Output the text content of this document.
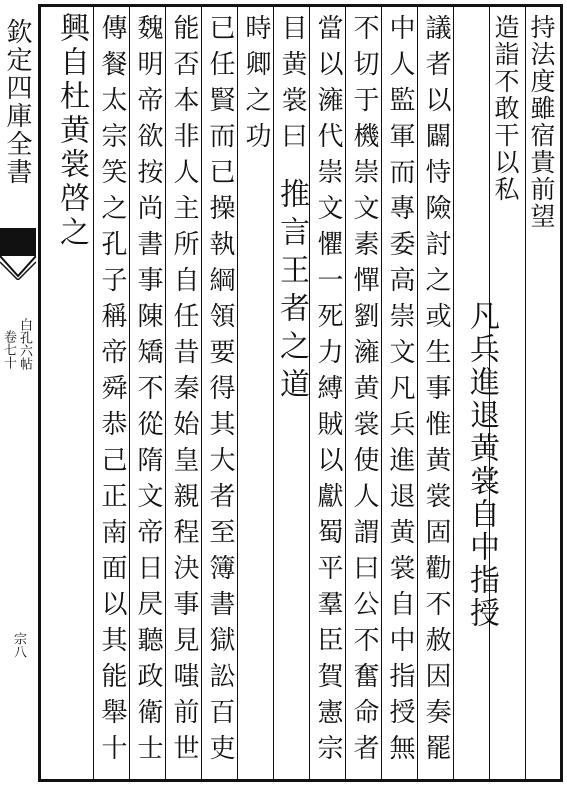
欽定四庫全書
白孔六帖
卷七十
宗八
持法度雖宿貴前望
造詣不敢干以私
凡兵進退黄裳自中指授
議者以闢恃險討之或生事惟黄裳固勸不赦因奏罷
中人監軍而專委高崇文凡兵進退黄裳自中指授無
不切于機崇文素憚劉澭黄裳使人謂曰公不奮命者
當以澭代崇文懼一死力縛賊以獻蜀平羣臣賀憲宗
目黄裳曰
推言王者之道
時卿之功
已任賢而已操執綱領要得其大者至簿書獄訟百吏
能否本非人主所自任昔秦始皇親程決事見嗤前世
魏明帝欲按尚書事陳矯不從隋文帝日昃聽政衛士
傳餐太宗笑之孔子稱帝舜恭己正南面以其能舉十
興自杜黄裳啓之
